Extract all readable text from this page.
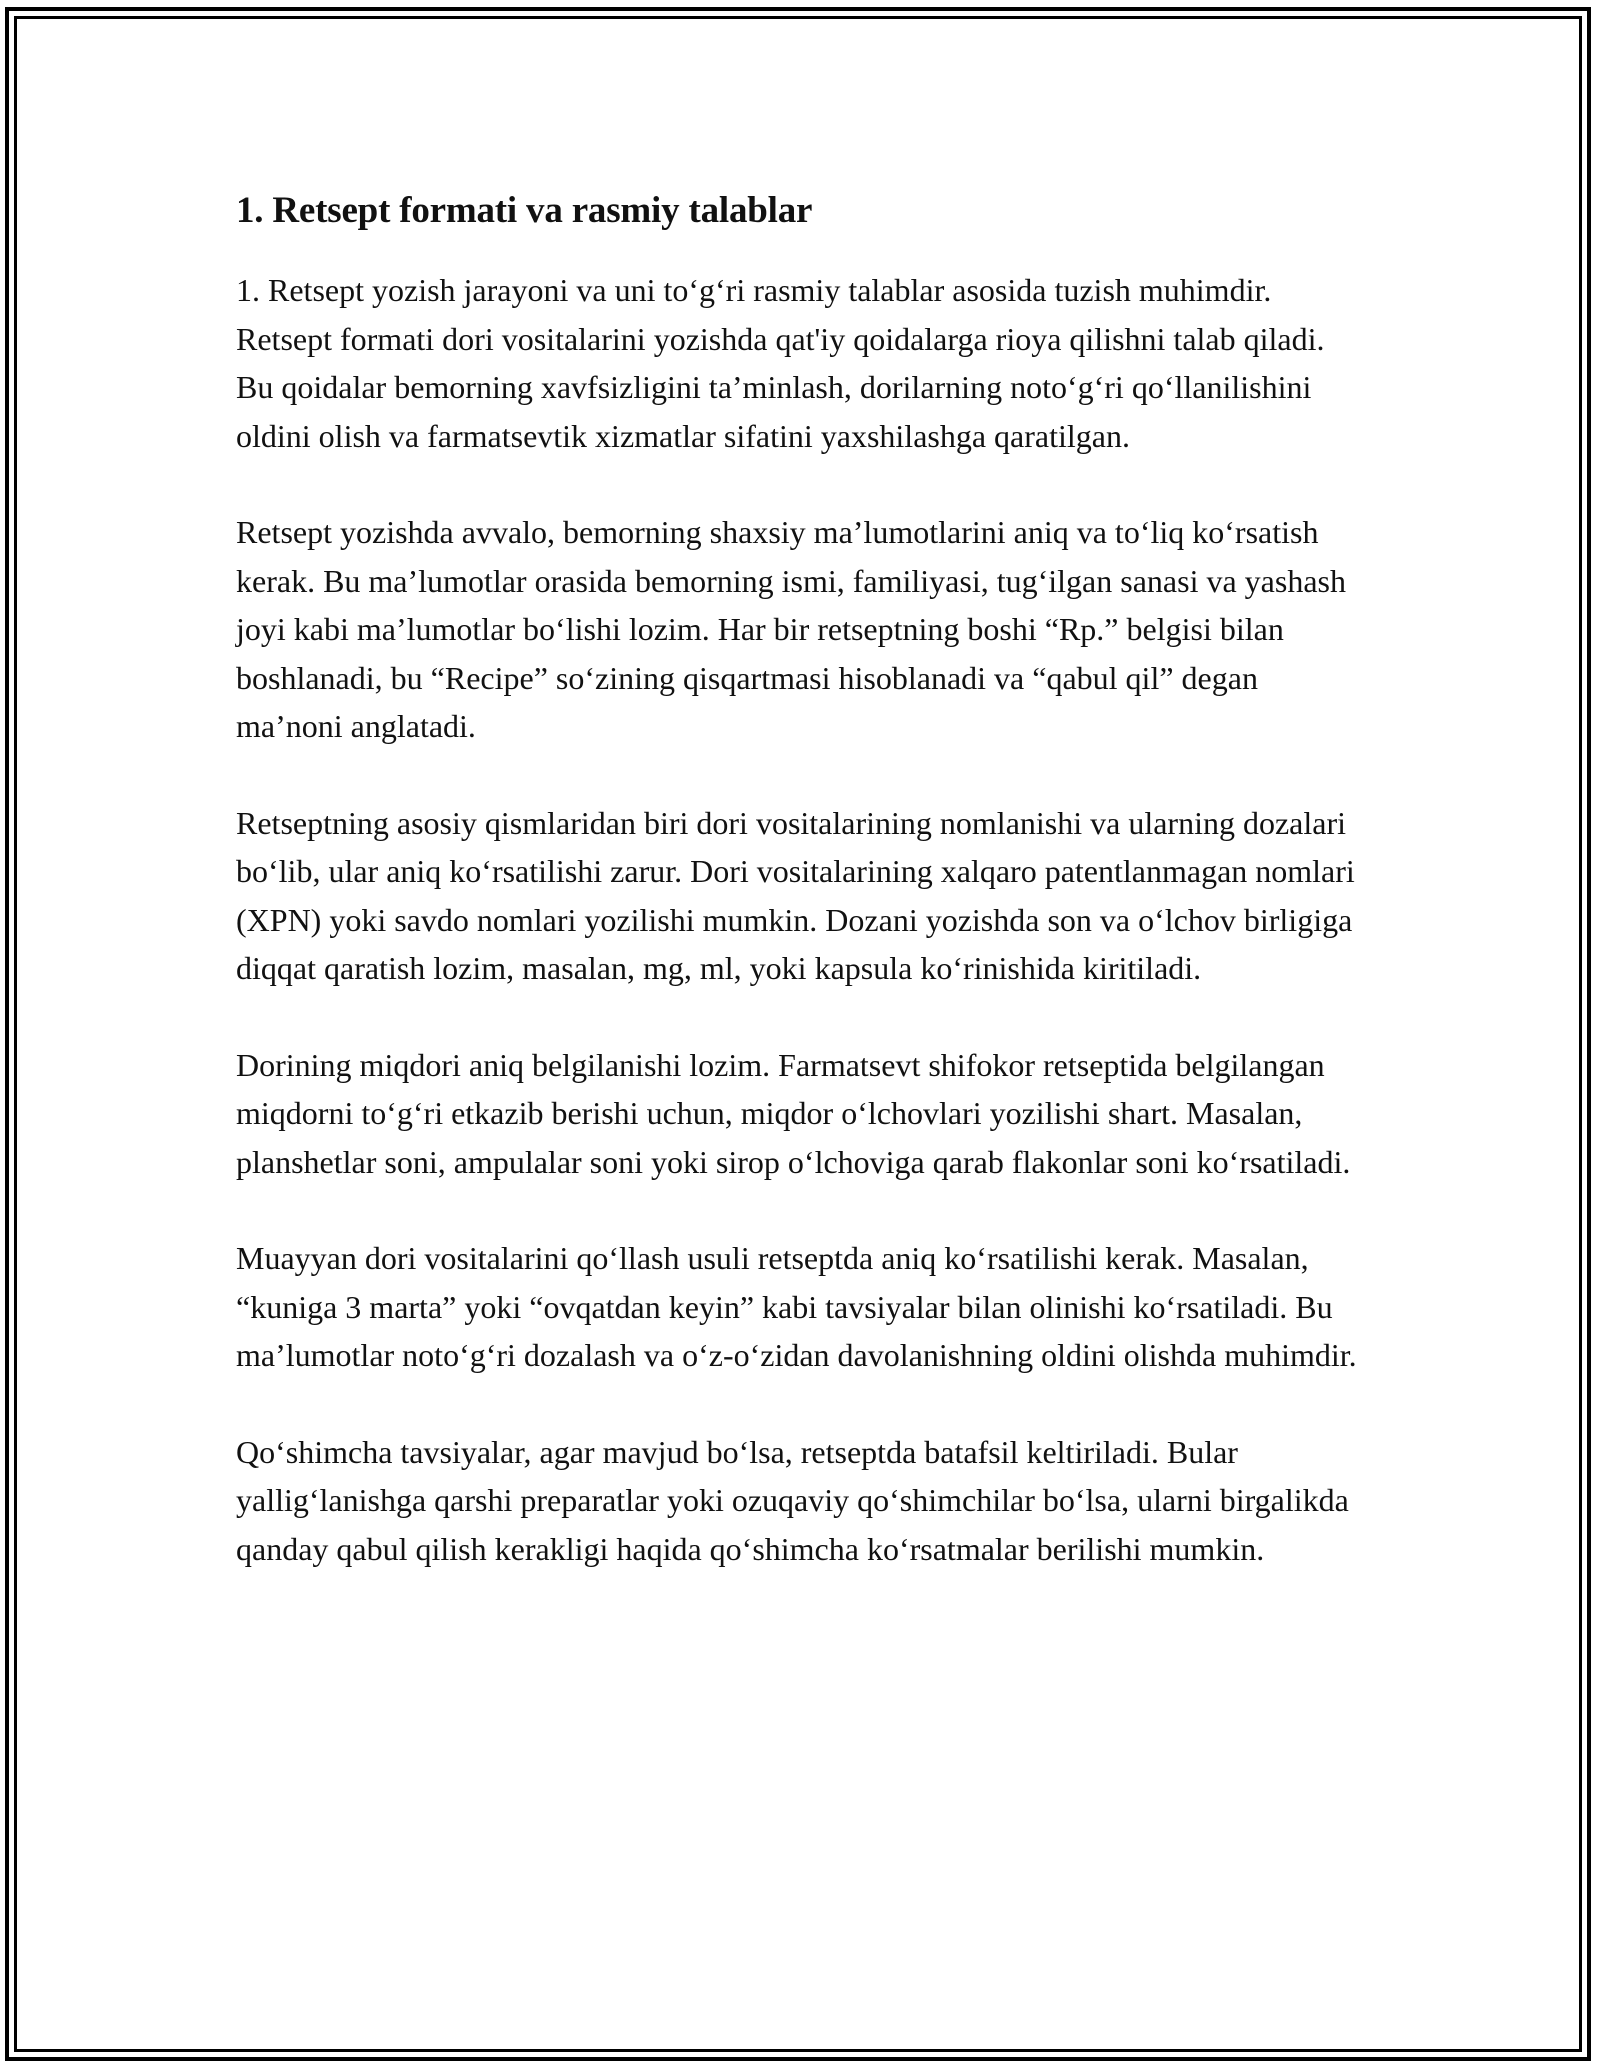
1. Retsept formati va rasmiy talablar

1. Retsept yozish jarayoni va uni to‘g‘ri rasmiy talablar asosida tuzish muhimdir. Retsept formati dori vositalarini yozishda qat'iy qoidalarga rioya qilishni talab qiladi. Bu qoidalar bemorning xavfsizligini ta’minlash, dorilarning noto‘g‘ri qo‘llanilishini oldini olish va farmatsevtik xizmatlar sifatini yaxshilashga qaratilgan.

Retsept yozishda avvalo, bemorning shaxsiy ma’lumotlarini aniq va to‘liq ko‘rsatish kerak. Bu ma’lumotlar orasida bemorning ismi, familiyasi, tug‘ilgan sanasi va yashash joyi kabi ma’lumotlar bo‘lishi lozim. Har bir retseptning boshi “Rp.” belgisi bilan boshlanadi, bu “Recipe” so‘zining qisqartmasi hisoblanadi va “qabul qil” degan ma’noni anglatadi.

Retseptning asosiy qismlaridan biri dori vositalarining nomlanishi va ularning dozalari bo‘lib, ular aniq ko‘rsatilishi zarur. Dori vositalarining xalqaro patentlanmagan nomlari (XPN) yoki savdo nomlari yozilishi mumkin. Dozani yozishda son va o‘lchov birligiga diqqat qaratish lozim, masalan, mg, ml, yoki kapsula ko‘rinishida kiritiladi.

Dorining miqdori aniq belgilanishi lozim. Farmatsevt shifokor retseptida belgilangan miqdorni to‘g‘ri etkazib berishi uchun, miqdor o‘lchovlari yozilishi shart. Masalan, planshetlar soni, ampulalar soni yoki sirop o‘lchoviga qarab flakonlar soni ko‘rsatiladi.

Muayyan dori vositalarini qo‘llash usuli retseptda aniq ko‘rsatilishi kerak. Masalan, “kuniga 3 marta” yoki “ovqatdan keyin” kabi tavsiyalar bilan olinishi ko‘rsatiladi. Bu ma’lumotlar noto‘g‘ri dozalash va o‘z-o‘zidan davolanishning oldini olishda muhimdir.

Qo‘shimcha tavsiyalar, agar mavjud bo‘lsa, retseptda batafsil keltiriladi. Bular yallig‘lanishga qarshi preparatlar yoki ozuqaviy qo‘shimchilar bo‘lsa, ularni birgalikda qanday qabul qilish kerakligi haqida qo‘shimcha ko‘rsatmalar berilishi mumkin.
